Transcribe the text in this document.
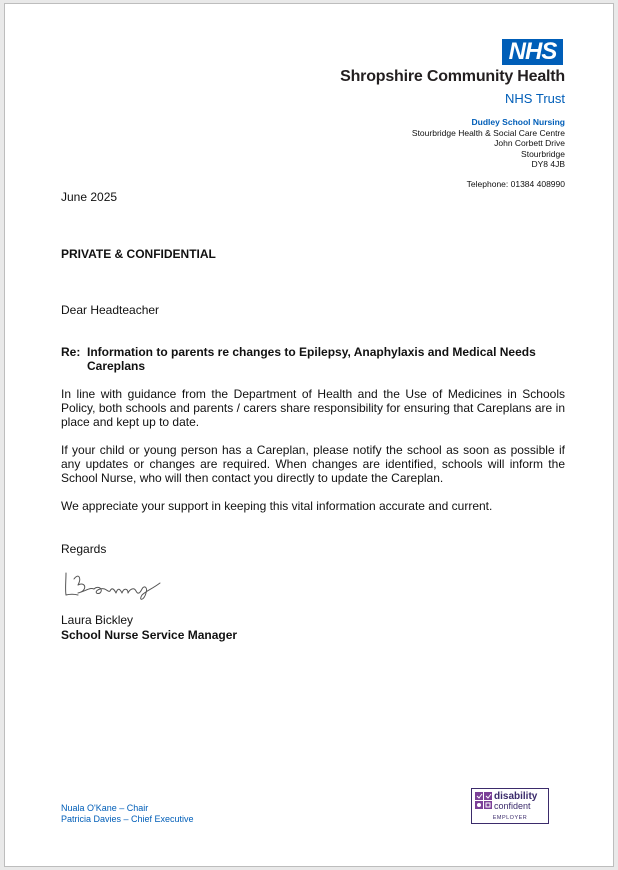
NHS
Shropshire Community Health
NHS Trust
Dudley School Nursing
Stourbridge Health & Social Care Centre
John Corbett Drive
Stourbridge
DY8 4JB
Telephone: 01384 408990
June 2025
PRIVATE & CONFIDENTIAL
Dear Headteacher
Re: Information to parents re changes to Epilepsy, Anaphylaxis and Medical Needs Careplans
In line with guidance from the Department of Health and the Use of Medicines in Schools Policy, both schools and parents / carers share responsibility for ensuring that Careplans are in place and kept up to date.
If your child or young person has a Careplan, please notify the school as soon as possible if any updates or changes are required. When changes are identified, schools will inform the School Nurse, who will then contact you directly to update the Careplan.
We appreciate your support in keeping this vital information accurate and current.
Regards
Laura Bickley
School Nurse Service Manager
Nuala O'Kane – Chair
Patricia Davies – Chief Executive
disability
confident
EMPLOYER
